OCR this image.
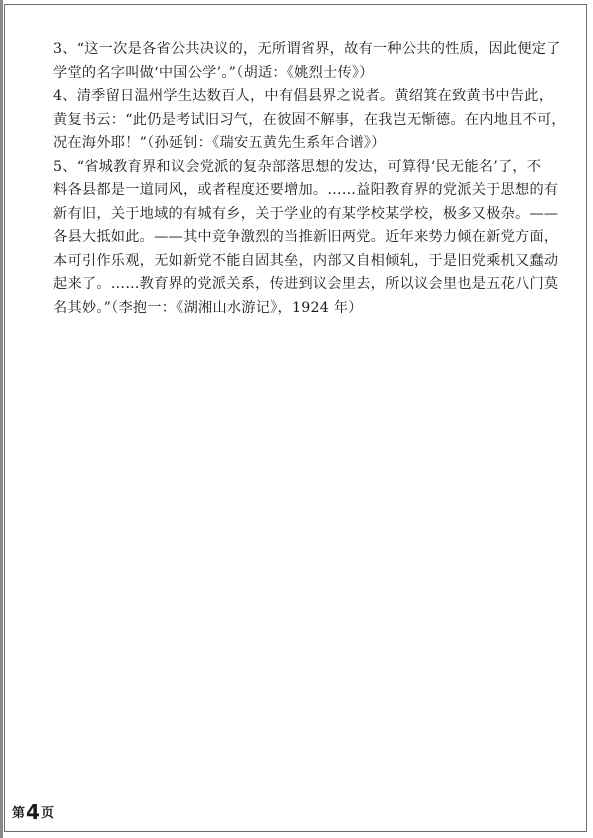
3、“这一次是各省公共决议的，无所谓省界，故有一种公共的性质，因此便定了
学堂的名字叫做‘中国公学’。”（胡适：《姚烈士传》）
4、清季留日温州学生达数百人，中有倡县界之说者。黄绍箕在致黄书中告此，
黄复书云：“此仍是考试旧习气，在彼固不解事，在我岂无惭德。在内地且不可，
况在海外耶！”（孙延钊：《瑞安五黄先生系年合谱》）
5、“省城教育界和议会党派的复杂部落思想的发达，可算得‘民无能名’了，不
料各县都是一道同风，或者程度还要增加。……益阳教育界的党派关于思想的有
新有旧，关于地域的有城有乡，关于学业的有某学校某学校，极多又极杂。——
各县大抵如此。——其中竞争激烈的当推新旧两党。近年来势力倾在新党方面，
本可引作乐观，无如新党不能自固其垒，内部又自相倾轧，于是旧党乘机又蠢动
起来了。……教育界的党派关系，传进到议会里去，所以议会里也是五花八门莫
名其妙。”（李抱一：《湖湘山水游记》，1924 年）
第4页
